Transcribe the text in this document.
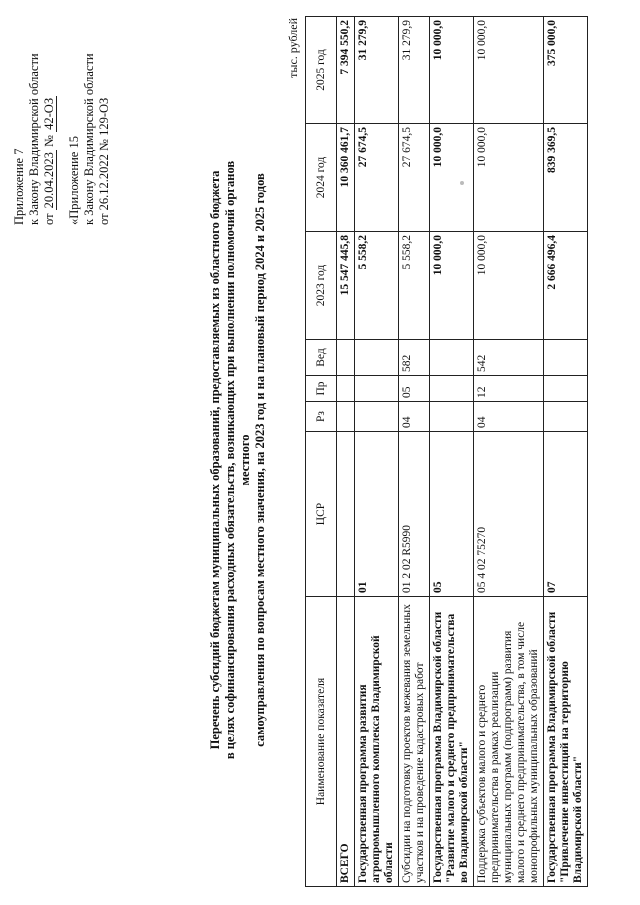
Приложение 7 к Закону Владимирской области от 20.04.2023 № 42-ОЗ
«Приложение 15 к Закону Владимирской области от 26.12.2022 № 129-ОЗ
Перечень субсидий бюджетам муниципальных образований, предоставляемых из областного бюджета в целях софинансирования расходных обязательств, возникающих при выполнении полномочий органов местного самоуправления по вопросам местного значения, на 2023 год и на плановый период 2024 и 2025 годов
тыс. рублей
Наименование показателя	ЦСР	Рз	Пр	Вед	2023 год	2024 год	2025 год
ВСЕГО					15 547 445,8	10 360 461,7	7 394 550,2
Государственная программа развития агропромышленного комплекса Владимирской области	01				5 558,2	27 674,5	31 279,9
Субсидии на подготовку проектов межевания земельных участков и на проведение кадастровых работ	01 2 02 R5990	04	05	582	5 558,2	27 674,5	31 279,9
Государственная программа Владимирской области "Развитие малого и среднего предпринимательства во Владимирской области"	05				10 000,0	10 000,0	10 000,0
Поддержка субъектов малого и среднего предпринимательства в рамках реализации муниципальных программ (подпрограмм) развития малого и среднего предпринимательства, в том числе монопрофильных муниципальных образований	05 4 02 75270	04	12	542	10 000,0	10 000,0	10 000,0
Государственная программа Владимирской области "Привлечение инвестиций на территорию Владимирской области"	07				2 666 496,4	839 369,5	375 000,0
